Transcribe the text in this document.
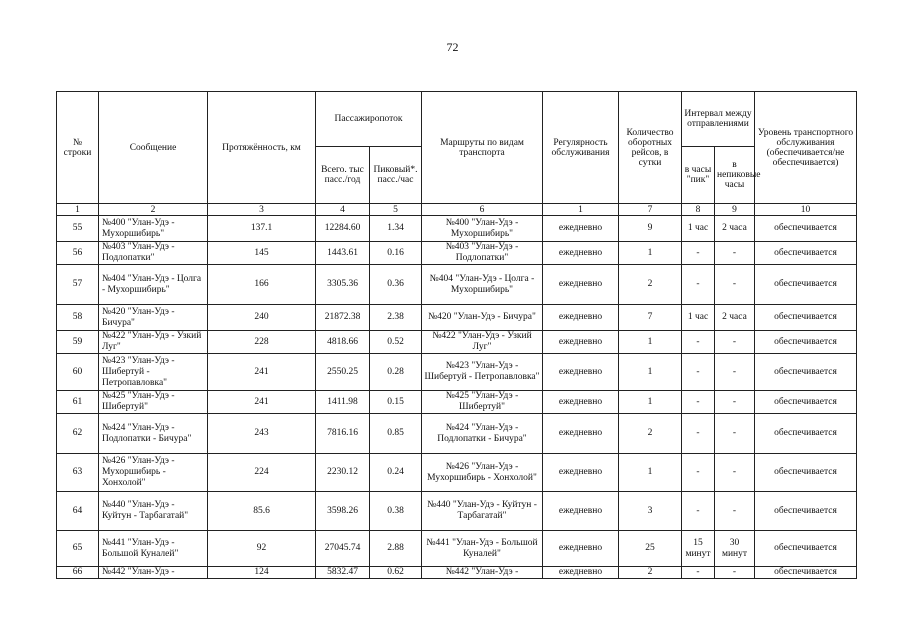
72
№ строки	Сообщение	Протяжённость, км	Пассажиропоток		Маршруты по видам транспорта	Регулярность обслуживания	Количество оборотных рейсов, в сутки	Интервал между отправлениями		Уровень транспортного обслуживания (обеспечивается/не обеспечивается)
			Всего. тыс пасс./год	Пиковый*. пасс./час				в часы "пик"	в непиковые часы	
1	2	3	4	5	6	1	7	8	9	10
55	№400 "Улан-Удэ - Мухоршибирь"	137.1	12284.60	1.34	№400 "Улан-Удэ - Мухоршибирь"	ежедневно	9	1 час	2 часа	обеспечивается
56	№403 "Улан-Удэ - Подлопатки"	145	1443.61	0.16	№403 "Улан-Удэ - Подлопатки"	ежедневно	1	-	-	обеспечивается
57	№404 "Улан-Удэ - Цолга - Мухоршибирь"	166	3305.36	0.36	№404 "Улан-Удэ - Цолга - Мухоршибирь"	ежедневно	2	-	-	обеспечивается
58	№420 "Улан-Удэ - Бичура"	240	21872.38	2.38	№420 "Улан-Удэ - Бичура"	ежедневно	7	1 час	2 часа	обеспечивается
59	№422 "Улан-Удэ - Узкий Луг"	228	4818.66	0.52	№422 "Улан-Удэ - Узкий Луг"	ежедневно	1	-	-	обеспечивается
60	№423 "Улан-Удэ - Шибертуй - Петропавловка"	241	2550.25	0.28	№423 "Улан-Удэ - Шибертуй - Петропавловка"	ежедневно	1	-	-	обеспечивается
61	№425 "Улан-Удэ - Шибертуй"	241	1411.98	0.15	№425 "Улан-Удэ - Шибертуй"	ежедневно	1	-	-	обеспечивается
62	№424 "Улан-Удэ - Подлопатки - Бичура"	243	7816.16	0.85	№424 "Улан-Удэ - Подлопатки - Бичура"	ежедневно	2	-	-	обеспечивается
63	№426 "Улан-Удэ - Мухоршибирь - Хонхолой"	224	2230.12	0.24	№426 "Улан-Удэ - Мухоршибирь - Хонхолой"	ежедневно	1	-	-	обеспечивается
64	№440 "Улан-Удэ - Куйтун - Тарбагатай"	85.6	3598.26	0.38	№440 "Улан-Удэ - Куйтун - Тарбагатай"	ежедневно	3	-	-	обеспечивается
65	№441 "Улан-Удэ - Большой Куналей"	92	27045.74	2.88	№441 "Улан-Удэ - Большой Куналей"	ежедневно	25	15 минут	30 минут	обеспечивается
66	№442 "Улан-Удэ -	124	5832.47	0.62	№442 "Улан-Удэ -	ежедневно	2	-	-	обеспечивается
